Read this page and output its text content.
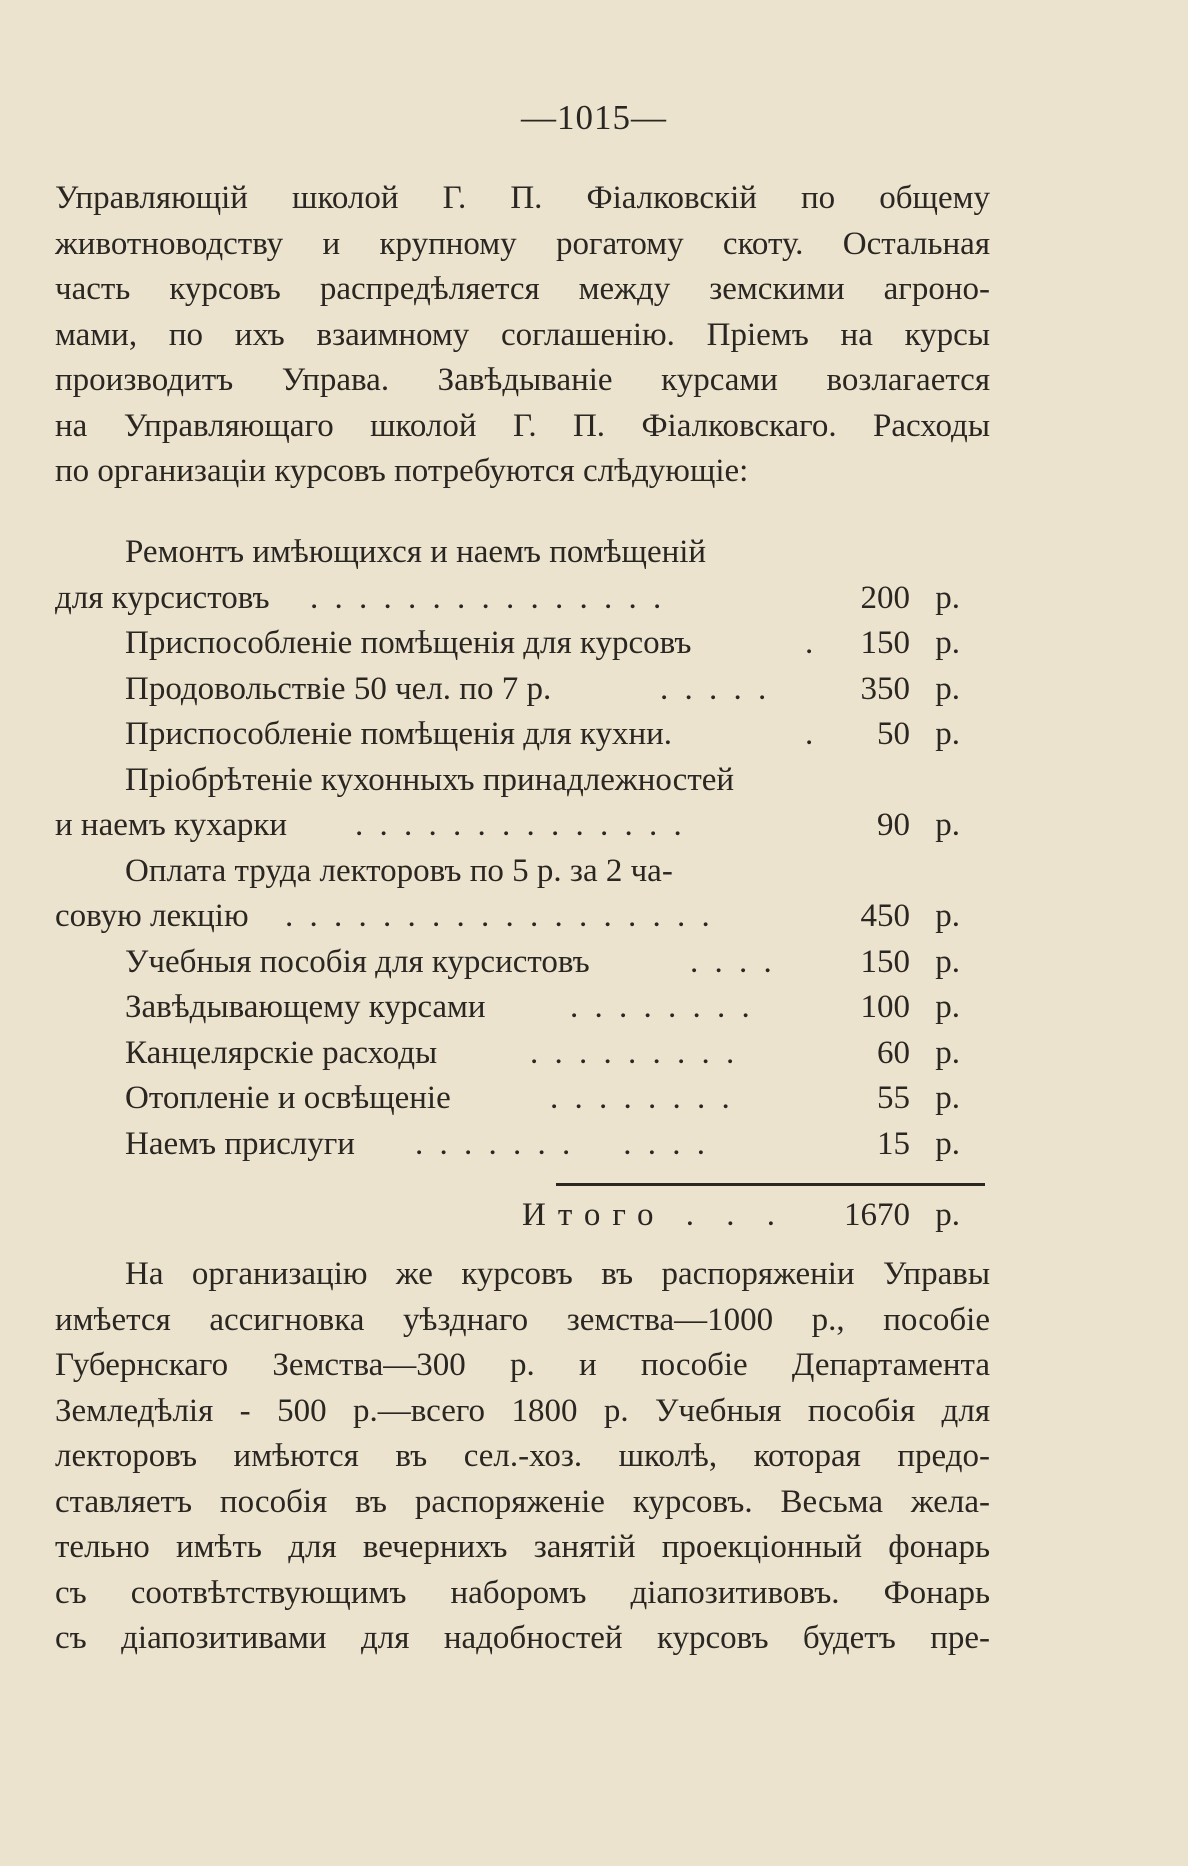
—1015—
Управляющій школой Г. П. Фіалковскій по общему
животноводству и крупному рогатому скоту. Остальная
часть курсовъ распредѣляется между земскими агроно-
мами, по ихъ взаимному соглашенію. Пріемъ на курсы
производитъ Управа. Завѣдываніе курсами возлагается
на Управляющаго школой Г. П. Фіалковскаго. Расходы
по организаціи курсовъ потребуются слѣдующіе:
Ремонтъ имѣющихся и наемъ помѣщеній
для курсистовъ . . . . . . . . . . . . . . .	200 р.
Приспособленіе помѣщенія для курсовъ	.	150 р.
Продовольствіе 50 чел. по 7 р.	. . . . .	350 р.
Приспособленіе помѣщенія для кухни.	.	50 р.
Пріобрѣтеніе кухонныхъ принадлежностей
и наемъ кухарки . . . . . . . . . . . . . .	90 р.
Оплата труда лекторовъ по 5 р. за 2 ча-
совую лекцію . . . . . . . . . . . . . . . . . .	450 р.
Учебныя пособія для курсистовъ	. . . .	150 р.
Завѣдывающему курсами	. . . . . . . .	100 р.
Канцелярскіе расходы	. . . . . . . . .	60 р.
Отопленіе и освѣщеніе	. . . . . . . .	55 р.
Наемъ прислуги . . . . . . .    . . . .	15 р.
Итого . . .	1670 р.
На организацію же курсовъ въ распоряженіи Управы
имѣется ассигновка уѣзднаго земства—1000 р., пособіе
Губернскаго Земства—300 р. и пособіе Департамента
Земледѣлія - 500 р.—всего 1800 р. Учебныя пособія для
лекторовъ имѣются въ сел.-хоз. школѣ, которая предо-
ставляетъ пособія въ распоряженіе курсовъ. Весьма жела-
тельно имѣть для вечернихъ занятій проекціонный фонарь
съ соотвѣтствующимъ наборомъ діапозитивовъ. Фонарь
съ діапозитивами для надобностей курсовъ будетъ пре-
